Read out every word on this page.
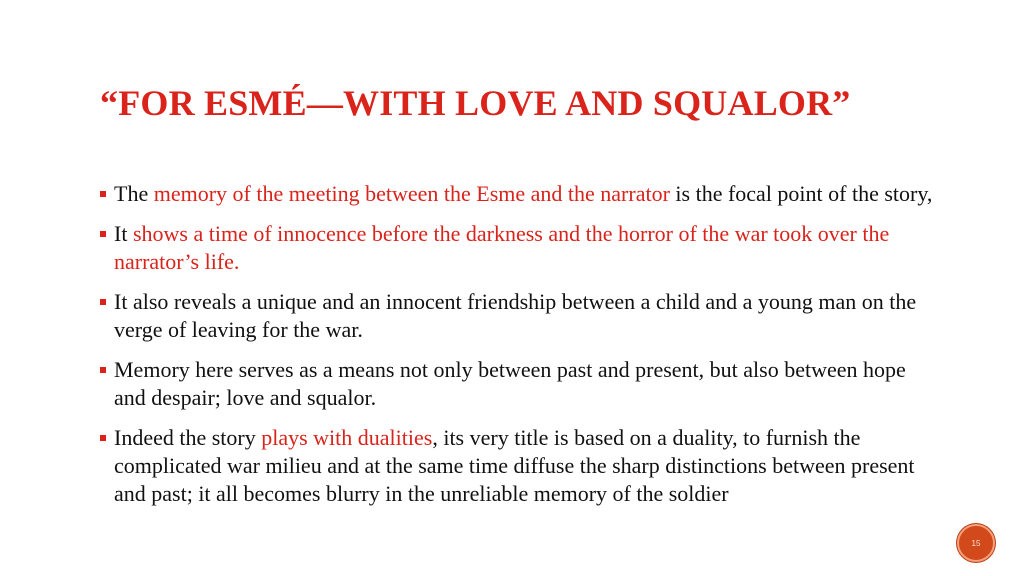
“FOR ESMÉ—WITH LOVE AND SQUALOR”
The memory of the meeting between the Esme and the narrator is the focal point of the story,
It shows a time of innocence before the darkness and the horror of the war took over the narrator’s life.
It also reveals a unique and an innocent friendship between a child and a young man on the verge of leaving for the war.
Memory here serves as a means not only between past and present, but also between hope and despair; love and squalor.
Indeed the story plays with dualities, its very title is based on a duality, to furnish the complicated war milieu and at the same time diffuse the sharp distinctions between present and past; it all becomes blurry in the unreliable memory of the soldier
15
